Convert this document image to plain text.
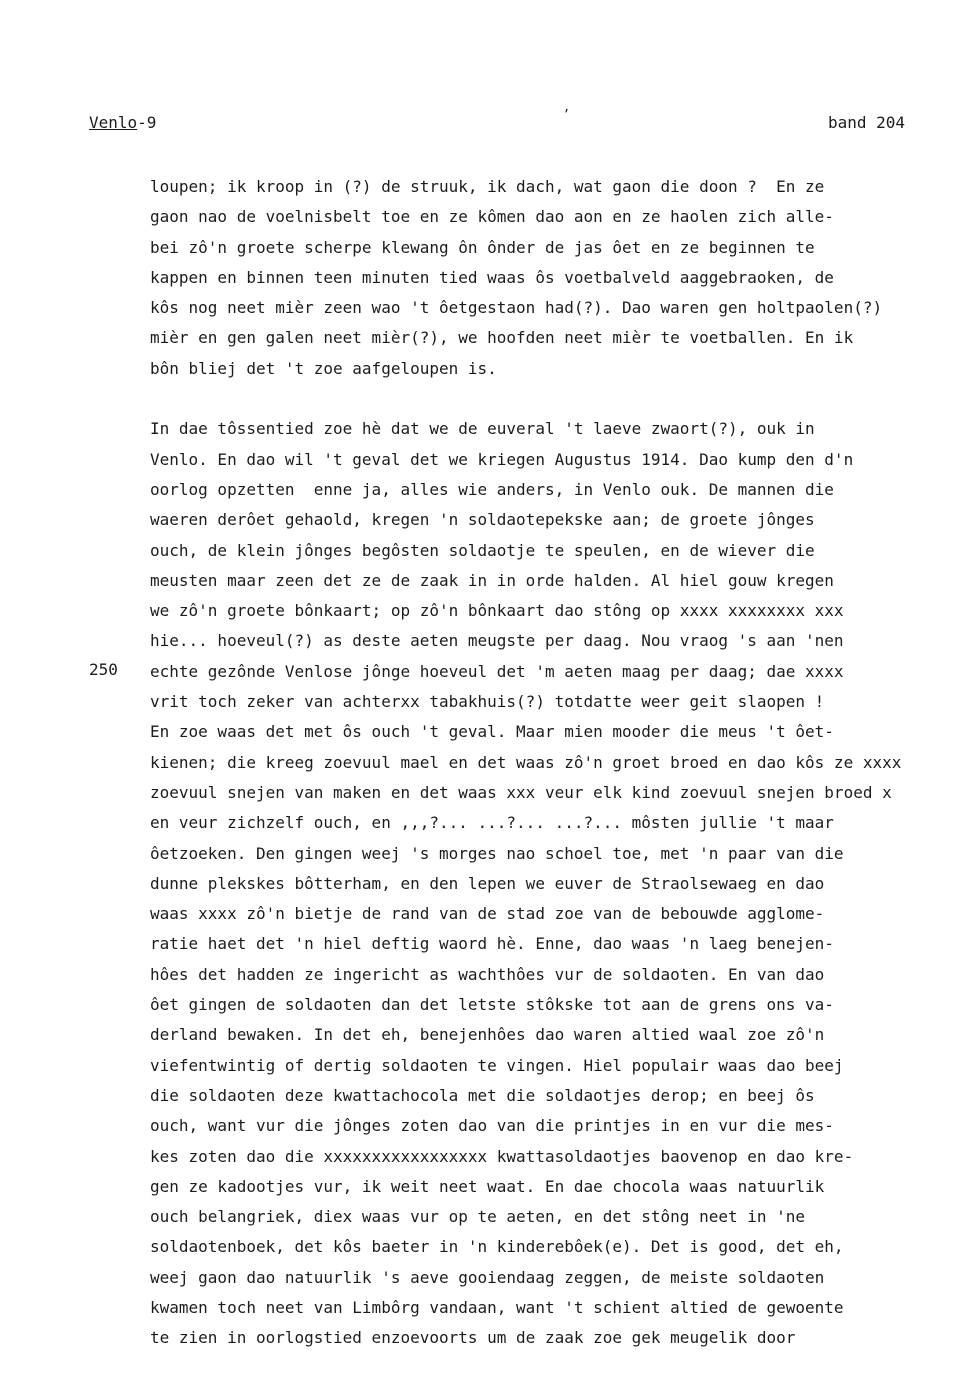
Venlo-9
,
band 204
250
loupen; ik kroop in (?) de struuk, ik dach, wat gaon die doon ?  En ze
gaon nao de voelnisbelt toe en ze kômen dao aon en ze haolen zich alle-
bei zô'n groete scherpe klewang ôn ônder de jas ôet en ze beginnen te
kappen en binnen teen minuten tied waas ôs voetbalveld aaggebraoken, de
kôs nog neet mièr zeen wao 't ôetgestaon had(?). Dao waren gen holtpaolen(?)
mièr en gen galen neet mièr(?), we hoofden neet mièr te voetballen. En ik
bôn bliej det 't zoe aafgeloupen is.
In dae tôssentied zoe hè dat we de euveral 't laeve zwaort(?), ouk in
Venlo. En dao wil 't geval det we kriegen Augustus 1914. Dao kump den d'n
oorlog opzetten  enne ja, alles wie anders, in Venlo ouk. De mannen die
waeren derôet gehaold, kregen 'n soldaotepekske aan; de groete jônges
ouch, de klein jônges begôsten soldaotje te speulen, en de wiever die
meusten maar zeen det ze de zaak in in orde halden. Al hiel gouw kregen
we zô'n groete bônkaart; op zô'n bônkaart dao stông op xxxx xxxxxxxx xxx
hie... hoeveul(?) as deste aeten meugste per daag. Nou vraog 's aan 'nen
echte gezônde Venlose jônge hoeveul det 'm aeten maag per daag; dae xxxx
vrit toch zeker van achterxx tabakhuis(?) totdatte weer geit slaopen !
En zoe waas det met ôs ouch 't geval. Maar mien mooder die meus 't ôet-
kienen; die kreeg zoevuul mael en det waas zô'n groet broed en dao kôs ze xxxx
zoevuul snejen van maken en det waas xxx veur elk kind zoevuul snejen broed x
en veur zichzelf ouch, en ,,,?... ...?... ...?... môsten jullie 't maar
ôetzoeken. Den gingen weej 's morges nao schoel toe, met 'n paar van die
dunne plekskes bôtterham, en den lepen we euver de Straolsewaeg en dao
waas xxxx zô'n bietje de rand van de stad zoe van de bebouwde agglome-
ratie haet det 'n hiel deftig waord hè. Enne, dao waas 'n laeg benejen-
hôes det hadden ze ingericht as wachthôes vur de soldaoten. En van dao
ôet gingen de soldaoten dan det letste stôkske tot aan de grens ons va-
derland bewaken. In det eh, benejenhôes dao waren altied waal zoe zô'n
viefentwintig of dertig soldaoten te vingen. Hiel populair waas dao beej
die soldaoten deze kwattachocola met die soldaotjes derop; en beej ôs
ouch, want vur die jônges zoten dao van die printjes in en vur die mes-
kes zoten dao die xxxxxxxxxxxxxxxxx kwattasoldaotjes baovenop en dao kre-
gen ze kadootjes vur, ik weit neet waat. En dae chocola waas natuurlik
ouch belangriek, diex waas vur op te aeten, en det stông neet in 'ne
soldaotenboek, det kôs baeter in 'n kinderebôek(e). Det is good, det eh,
weej gaon dao natuurlik 's aeve gooiendaag zeggen, de meiste soldaoten
kwamen toch neet van Limbôrg vandaan, want 't schient altied de gewoente
te zien in oorlogstied enzoevoorts um de zaak zoe gek meugelik door
